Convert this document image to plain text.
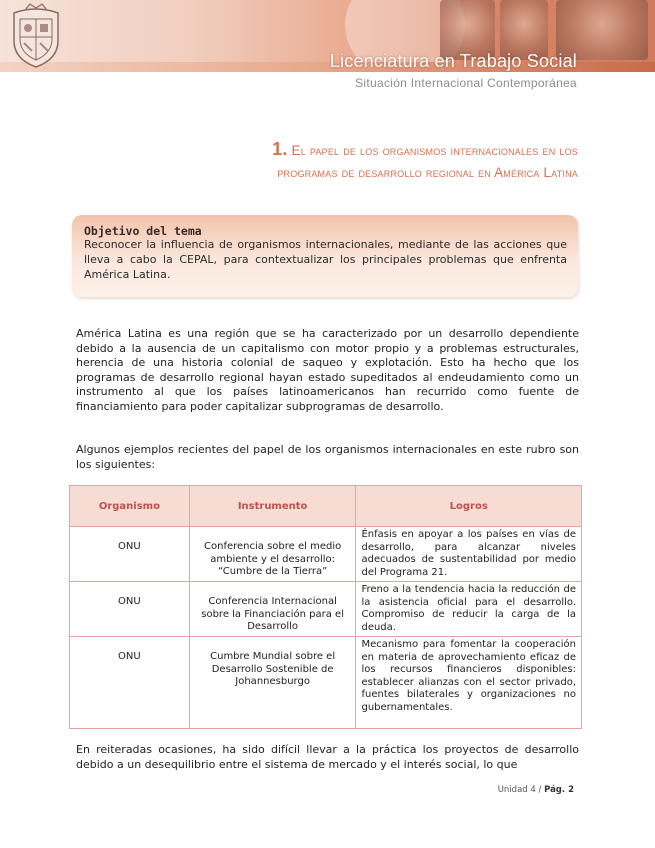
Licenciatura en Trabajo Social
Situación Internacional Contemporánea
1. El papel de los organismos internacionales en los
programas de desarrollo regional en América Latina
Objetivo del tema
Reconocer la influencia de organismos internacionales, mediante de las acciones que lleva a cabo la CEPAL, para contextualizar los principales problemas que enfrenta América Latina.
América Latina es una región que se ha caracterizado por un desarrollo dependiente debido a la ausencia de un capitalismo con motor propio y a problemas estructurales, herencia de una historia colonial de saqueo y explotación. Esto ha hecho que los programas de desarrollo regional hayan estado supeditados al endeudamiento como un instrumento al que los países latinoamericanos han recurrido como fuente de financiamiento para poder capitalizar subprogramas de desarrollo.
Algunos ejemplos recientes del papel de los organismos internacionales en este rubro son los siguientes:
Organismo	Instrumento	Logros
ONU	Conferencia sobre el medio ambiente y el desarrollo: “Cumbre de la Tierra”	Énfasis en apoyar a los países en vías de desarrollo, para alcanzar niveles adecuados de sustentabilidad por medio del Programa 21.
ONU	Conferencia Internacional sobre la Financiación para el Desarrollo	Freno a la tendencia hacia la reducción de la asistencia oficial para el desarrollo. Compromiso de reducir la carga de la deuda.
ONU	Cumbre Mundial sobre el Desarrollo Sostenible de Johannesburgo	Mecanismo para fomentar la cooperación en materia de aprovechamiento eficaz de los recursos financieros disponibles: establecer alianzas con el sector privado, fuentes bilaterales y organizaciones no gubernamentales.
En reiteradas ocasiones, ha sido difícil llevar a la práctica los proyectos de desarrollo debido a un desequilibrio entre el sistema de mercado y el interés social, lo que
Unidad 4 / Pág. 2
